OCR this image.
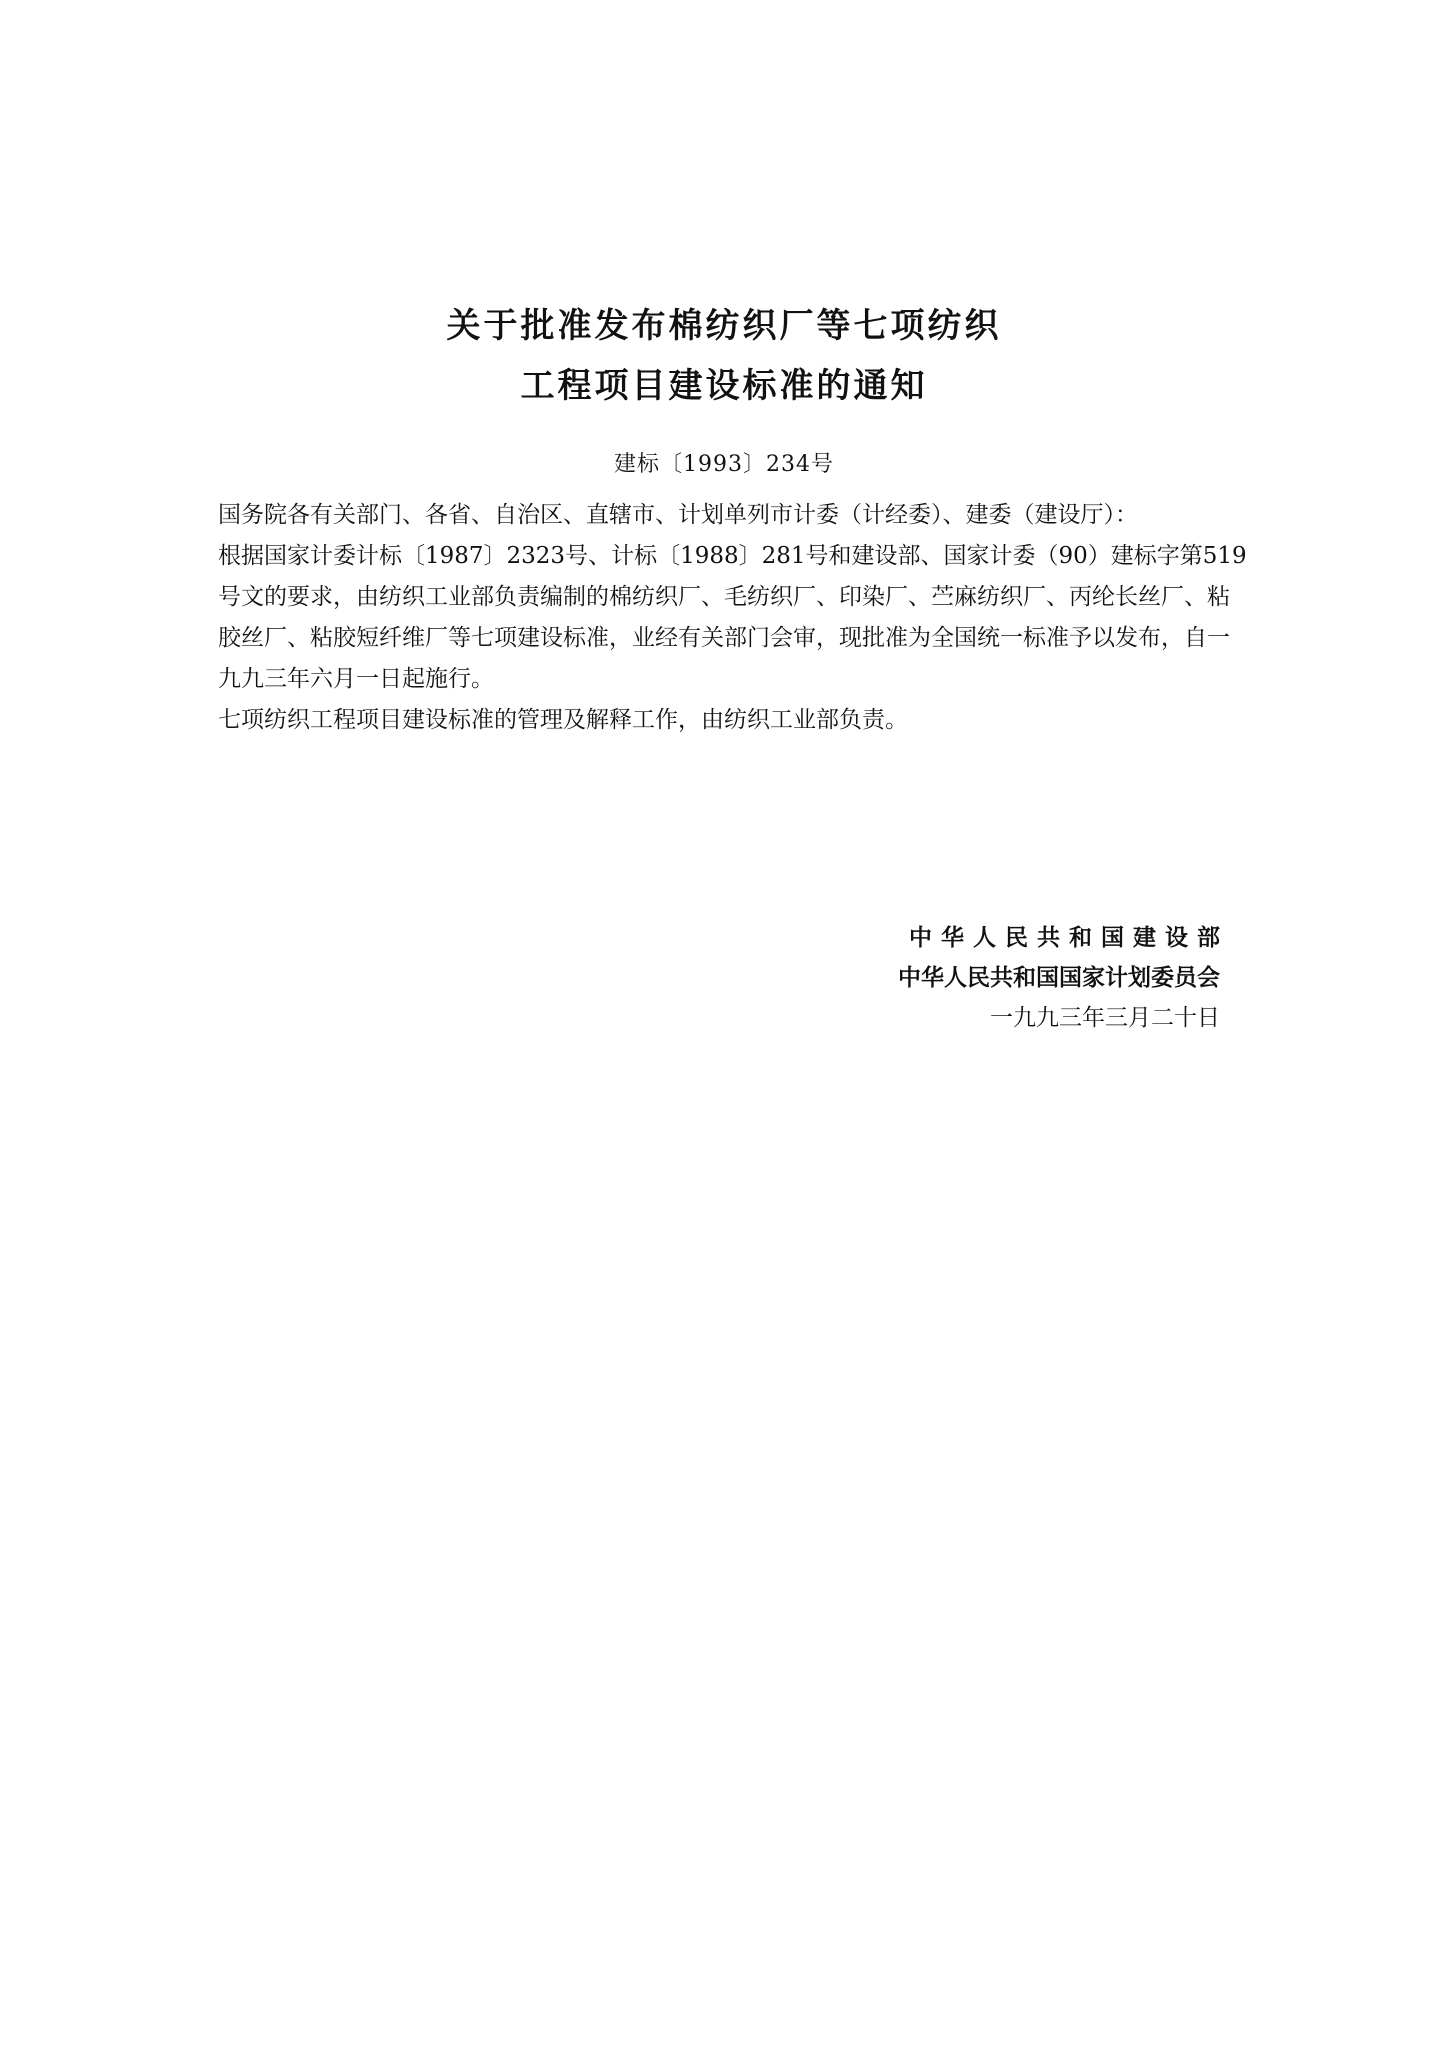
关于批准发布棉纺织厂等七项纺织
工程项目建设标准的通知
建标〔1993〕234号

国务院各有关部门、各省、自治区、直辖市、计划单列市计委（计经委）、建委（建设厅）：

根据国家计委计标〔1987〕2323号、计标〔1988〕281号和建设部、国家计委（90）建标字第519

号文的要求，由纺织工业部负责编制的棉纺织厂、毛纺织厂、印染厂、苎麻纺织厂、丙纶长丝厂、粘

胶丝厂、粘胶短纤维厂等七项建设标准，业经有关部门会审，现批准为全国统一标准予以发布，自一

九九三年六月一日起施行。

七项纺织工程项目建设标准的管理及解释工作，由纺织工业部负责。

中华人民共和国建设部
中华人民共和国国家计划委员会
一九九三年三月二十日
